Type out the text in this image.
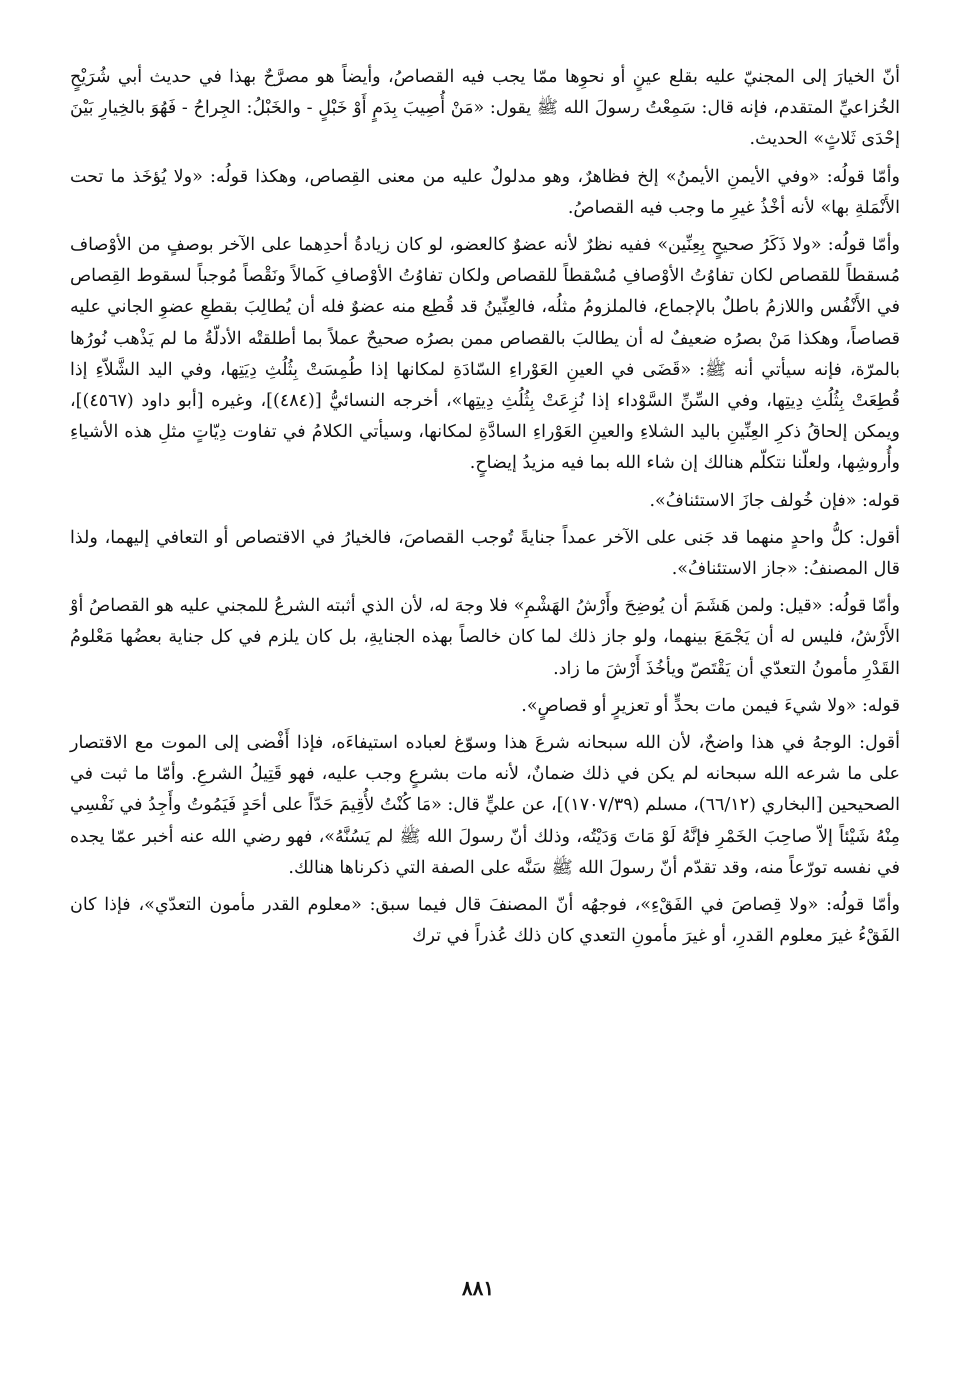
أنّ الخيارَ إلى المجنيّ عليه بقلع عينٍ أو نحوِها ممّا يجب فيه القصاصُ، وأيضاً هو مصرَّحٌ بهذا في حديث أبي شُرَيْحٍ الخُزاعيِّ المتقدم، فإنه قال: سَمِعْتُ رسولَ الله ﷺ يقول: «مَنْ أُصِيبَ بِدَمٍ أَوْ خَبْلٍ - والخَبْلُ: الجِراحُ - فَهُوَ بالخِيارِ بَيْنَ إحْدَى ثَلاثٍ» الحديث.

وأمّا قولُه: «وفي الأيمنِ الأيمنُ» إلخ فظاهرٌ، وهو مدلولٌ عليه من معنى القِصاص، وهكذا قولُه: «ولا يُؤخَذ ما تحت الأَنْمَلةِ بها» لأنه أخْذُ غيرِ ما وجب فيه القصاصُ.

وأمّا قولُه: «ولا ذَكَرُ صحيحٍ بِعِنِّين» ففيه نظرٌ لأنه عضوٌ كالعضو، لو كان زيادةُ أحدِهما على الآخر بوصفٍ من الأوْصاف مُسقطاً للقصاص لكان تفاوُتُ الأوْصافِ مُسْقطاً للقصاص ولكان تفاوُتُ الأوْصافِ كَمالاً ونَقْصاً مُوجباً لسقوط القِصاص في الأَنْفُس واللازمُ باطلٌ بالإجماع، فالملزومُ مثلُه، فالعِنِّينُ قد قُطِع منه عضوٌ فله أن يُطالِبَ بقطعِ عضوِ الجاني عليه قصاصاً، وهكذا مَنْ بصرُه ضعيفٌ له أن يطالبَ بالقصاص ممن بصرُه صحيحٌ عملاً بما أطلقتْه الأدلّةُ ما لم يَذْهب نُورُها بالمرّة، فإنه سيأتي أنه ﷺ: «قَضَى في العينِ العَوْراءِ السّادَةِ لمكانها إذا طُمِسَتْ بِثُلُثِ دِيَتِها، وفي اليد الشَّلاّءِ إذا قُطِعَتْ بِثُلُثِ دِيتِها، وفي السِّنِّ السَّوْداء إذا نُزِعَتْ بِثُلُثِ دِيتِها»، أخرجه النسائيُّ [(٤٨٤)]، وغيره [أبو داود (٤٥٦٧)]، ويمكن إلحاقُ ذكرِ العِنِّينِ باليد الشلاءِ والعينِ العَوْراءِ السادَّةِ لمكانها، وسيأتي الكلامُ في تفاوت دِيّاتٍ مثلِ هذه الأشياءِ وأُروشِها، ولعلّنا نتكلّم هنالك إن شاء الله بما فيه مزيدُ إيضاحٍ.

قوله: «فإن خُولف جازَ الاستئنافُ».

أقول: كلُّ واحدٍ منهما قد جَنى على الآخر عمداً جنايةً تُوجب القصاصَ، فالخيارُ في الاقتصاص أو التعافي إليهما، ولذا قال المصنفُ: «جاز الاستئنافُ».

وأمّا قولُه: «قيل: ولمن هَشَمَ أن يُوضِحَ وأَرْشُ الهَشْمِ» فلا وجهَ له، لأن الذي أثبته الشرعُ للمجني عليه هو القصاصُ أوْ الأَرْشُ، فليس له أن يَجْمَعَ بينهما، ولو جاز ذلك لما كان خالصاً بهذه الجنايةِ، بل كان يلزم في كل جناية بعضُها مَعْلومُ القَدْرِ مأمونُ التعدّي أن يَقْتَصّ ويأخُذَ أَرْشَ ما زاد.

قوله: «ولا شيءَ فيمن مات بحدٍّ أو تعزيرٍ أو قصاصٍ».

أقول: الوجهُ في هذا واضحٌ، لأن الله سبحانه شرعَ هذا وسوّغ لعباده استيفاءَه، فإذا أَفْضى إلى الموت مع الاقتصار على ما شرعه الله سبحانه لم يكن في ذلك ضمانٌ، لأنه مات بشرعٍ وجب عليه، فهو قَتِيلُ الشرعِ. وأمّا ما ثبت في الصحيحين [البخاري (٦٦/١٢)، مسلم (١٧٠٧/٣٩)]، عن عليٍّ قال: «مَا كُنْتُ لأُقِيمَ حَدّاً على أحَدٍ فَيَمُوتُ وأَجِدُ في نَفْسِي مِنْهُ شَيْئاً إلاّ صاحِبَ الخَمْرِ فإنَّهُ لَوْ مَاتَ وَدَيْتُه، وذلك أنّ رسولَ الله ﷺ لم يَسُنَّهُ»، فهو رضي الله عنه أخبر عمّا يجده في نفسه تورّعاً منه، وقد تقدّم أنّ رسولَ الله ﷺ سَنَّه على الصفة التي ذكرناها هنالك.

وأمّا قولُه: «ولا قِصاصَ في الفَقْءِ»، فوجهُه أنّ المصنفَ قال فيما سبق: «معلوم القدر مأمون التعدّي»، فإذا كان الفَقْءُ غيرَ معلوم القدرِ، أو غيرَ مأمونِ التعدي كان ذلك عُذراً في ترك

٨٨١
